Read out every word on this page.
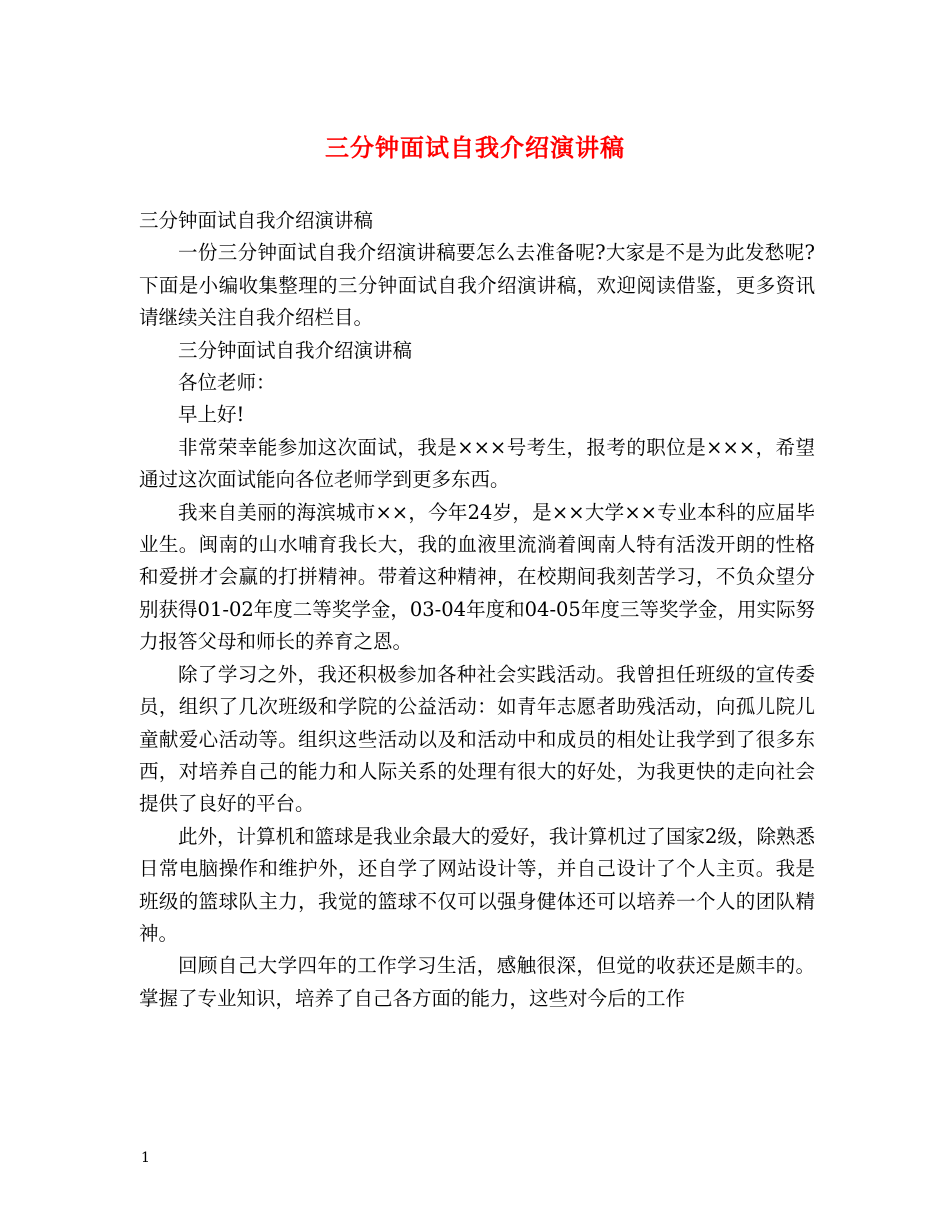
三分钟面试自我介绍演讲稿

三分钟面试自我介绍演讲稿

一份三分钟面试自我介绍演讲稿要怎么去准备呢?大家是不是为此发愁呢?下面是小编收集整理的三分钟面试自我介绍演讲稿，欢迎阅读借鉴，更多资讯请继续关注自我介绍栏目。

三分钟面试自我介绍演讲稿

各位老师：

早上好!

非常荣幸能参加这次面试，我是×××号考生，报考的职位是×××，希望通过这次面试能向各位老师学到更多东西。

我来自美丽的海滨城市××，今年24岁，是××大学××专业本科的应届毕业生。闽南的山水哺育我长大，我的血液里流淌着闽南人特有活泼开朗的性格和爱拼才会赢的打拼精神。带着这种精神，在校期间我刻苦学习，不负众望分别获得01-02年度二等奖学金，03-04年度和04-05年度三等奖学金，用实际努力报答父母和师长的养育之恩。

除了学习之外，我还积极参加各种社会实践活动。我曾担任班级的宣传委员，组织了几次班级和学院的公益活动：如青年志愿者助残活动，向孤儿院儿童献爱心活动等。组织这些活动以及和活动中和成员的相处让我学到了很多东西，对培养自己的能力和人际关系的处理有很大的好处，为我更快的走向社会提供了良好的平台。

此外，计算机和篮球是我业余最大的爱好，我计算机过了国家2级，除熟悉日常电脑操作和维护外，还自学了网站设计等，并自己设计了个人主页。我是班级的篮球队主力，我觉的篮球不仅可以强身健体还可以培养一个人的团队精神。

回顾自己大学四年的工作学习生活，感触很深，但觉的收获还是颇丰的。掌握了专业知识，培养了自己各方面的能力，这些对今后的工作

1
